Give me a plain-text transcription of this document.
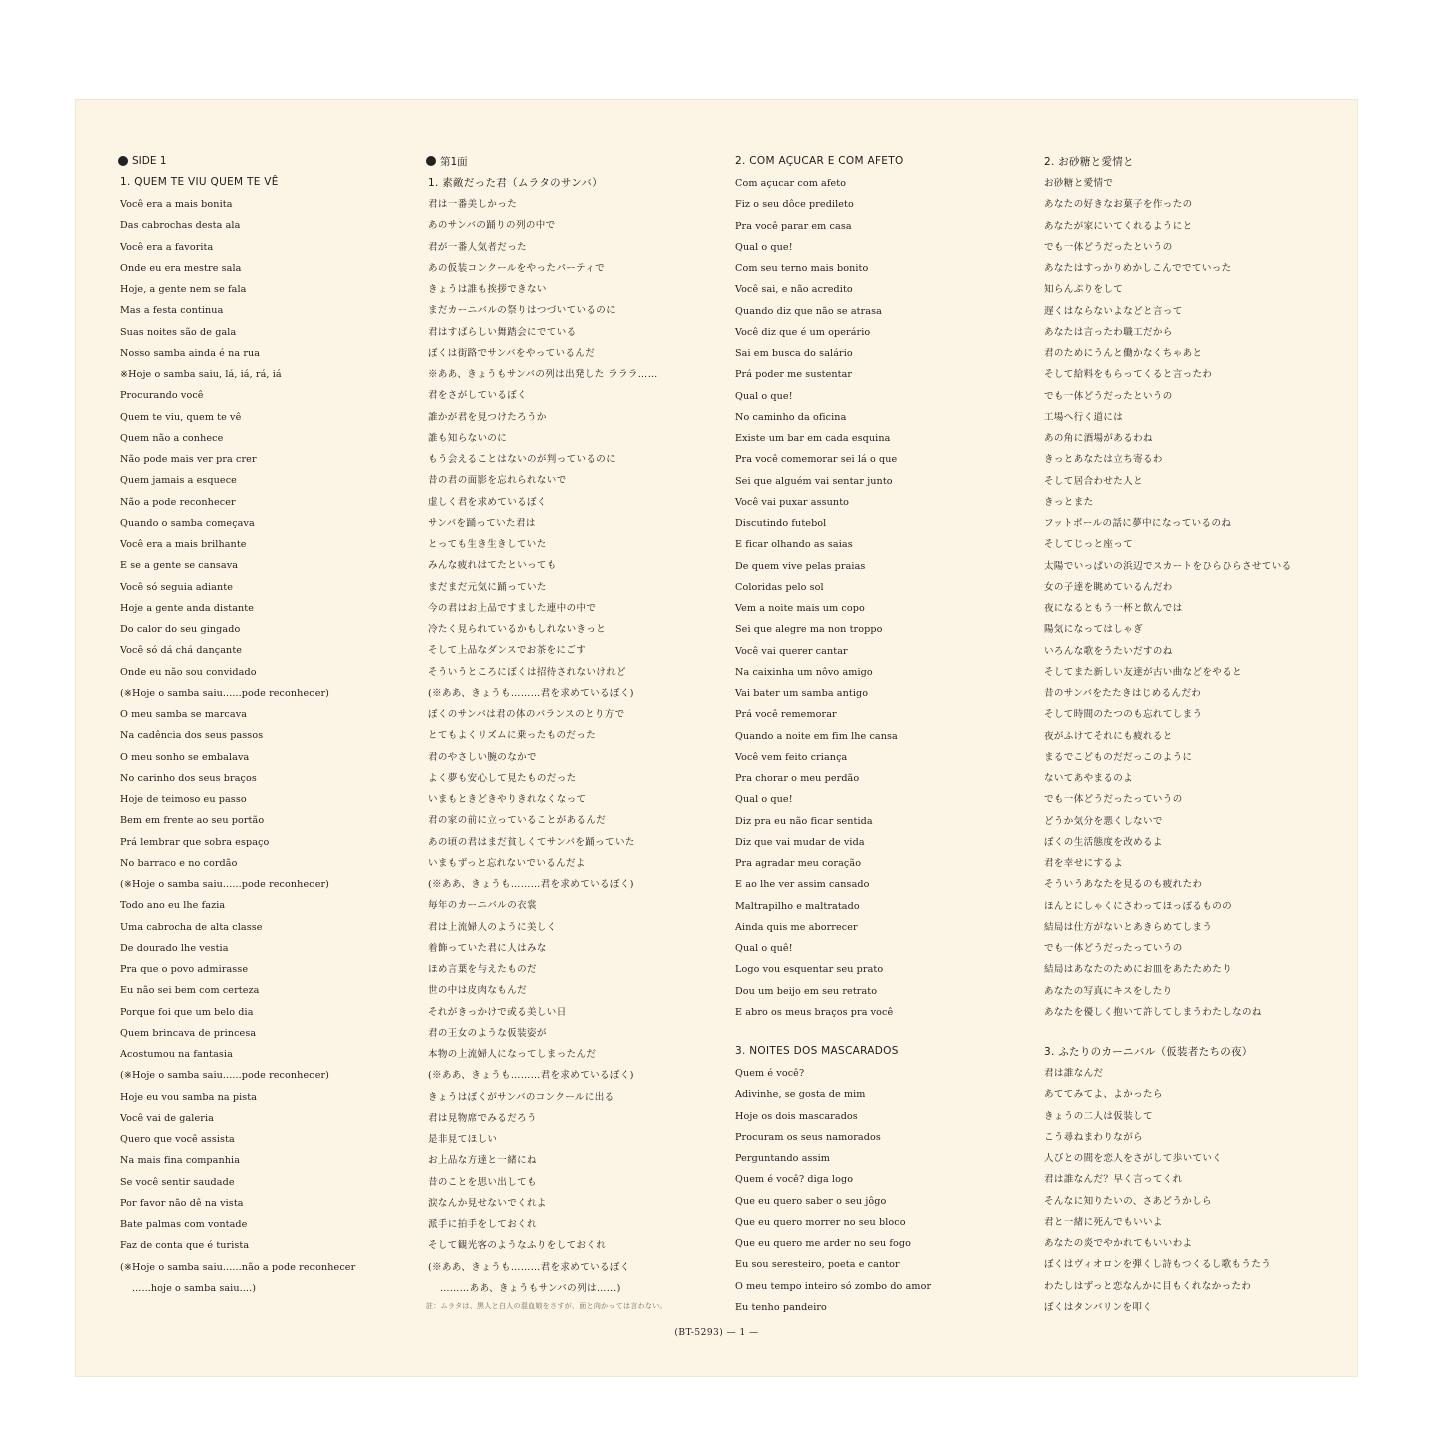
SIDE 1
1. QUEM TE VIU QUEM TE VÊ
Você era a mais bonita
Das cabrochas desta ala
Você era a favorita
Onde eu era mestre sala
Hoje, a gente nem se fala
Mas a festa continua
Suas noites são de gala
Nosso samba ainda é na rua
※Hoje o samba saiu, lá, iá, rá, iá
Procurando você
Quem te viu, quem te vê
Quem não a conhece
Não pode mais ver pra crer
Quem jamais a esquece
Não a pode reconhecer
Quando o samba começava
Você era a mais brilhante
E se a gente se cansava
Você só seguia adiante
Hoje a gente anda distante
Do calor do seu gingado
Você só dá chá dançante
Onde eu não sou convidado
(※Hoje o samba saiu......pode reconhecer)
O meu samba se marcava
Na cadência dos seus passos
O meu sonho se embalava
No carinho dos seus braços
Hoje de teimoso eu passo
Bem em frente ao seu portão
Prá lembrar que sobra espaço
No barraco e no cordão
(※Hoje o samba saiu......pode reconhecer)
Todo ano eu lhe fazia
Uma cabrocha de alta classe
De dourado lhe vestia
Pra que o povo admirasse
Eu não sei bem com certeza
Porque foi que um belo dia
Quem brincava de princesa
Acostumou na fantasia
(※Hoje o samba saiu......pode reconhecer)
Hoje eu vou samba na pista
Você vai de galeria
Quero que você assista
Na mais fina companhia
Se você sentir saudade
Por favor não dê na vista
Bate palmas com vontade
Faz de conta que é turista
(※Hoje o samba saiu......não a pode reconhecer
......hoje o samba saiu....)
第1面
1. 素敵だった君（ムラタのサンバ）
君は一番美しかった
あのサンバの踊りの列の中で
君が一番人気者だった
あの仮装コンクールをやったパーティで
きょうは誰も挨拶できない
まだカーニバルの祭りはつづいているのに
君はすばらしい舞踏会にでている
ぼくは街路でサンバをやっているんだ
※ああ、きょうもサンバの列は出発した ラララ……
君をさがしているぼく
誰かが君を見つけたろうか
誰も知らないのに
もう会えることはないのが判っているのに
昔の君の面影を忘れられないで
虚しく君を求めているぼく
サンバを踊っていた君は
とっても生き生きしていた
みんな疲れはてたといっても
まだまだ元気に踊っていた
今の君はお上品ですました連中の中で
冷たく見られているかもしれないきっと
そして上品なダンスでお茶をにごす
そういうところにぼくは招待されないけれど
(※ああ、きょうも………君を求めているぼく)
ぼくのサンバは君の体のバランスのとり方で
とてもよくリズムに乗ったものだった
君のやさしい腕のなかで
よく夢も安心して見たものだった
いまもときどきやりきれなくなって
君の家の前に立っていることがあるんだ
あの頃の君はまだ貧しくてサンバを踊っていた
いまもずっと忘れないでいるんだよ
(※ああ、きょうも………君を求めているぼく)
毎年のカーニバルの衣裳
君は上流婦人のように美しく
着飾っていた君に人はみな
ほめ言葉を与えたものだ
世の中は皮肉なもんだ
それがきっかけで或る美しい日
君の王女のような仮装姿が
本物の上流婦人になってしまったんだ
(※ああ、きょうも………君を求めているぼく)
きょうはぼくがサンバのコンクールに出る
君は見物席でみるだろう
是非見てほしい
お上品な方達と一緒にね
昔のことを思い出しても
涙なんか見せないでくれよ
派手に拍手をしておくれ
そして観光客のようなふりをしておくれ
(※ああ、きょうも………君を求めているぼく
………ああ、きょうもサンバの列は……)
註：ムラタは、黒人と白人の混血娘をさすが、面と向かっては言わない。
2. COM AÇUCAR E COM AFETO
Com açucar com afeto
Fiz o seu dôce predileto
Pra você parar em casa
Qual o que!
Com seu terno mais bonito
Você sai, e não acredito
Quando diz que não se atrasa
Você diz que é um operário
Sai em busca do salário
Prá poder me sustentar
Qual o que!
No caminho da oficina
Existe um bar em cada esquina
Pra você comemorar sei lá o que
Sei que alguém vai sentar junto
Você vai puxar assunto
Discutindo futebol
E ficar olhando as saias
De quem vive pelas praias
Coloridas pelo sol
Vem a noite mais um copo
Sei que alegre ma non troppo
Você vai querer cantar
Na caixinha um nôvo amigo
Vai bater um samba antigo
Prá você rememorar
Quando a noite em fim lhe cansa
Você vem feito criança
Pra chorar o meu perdão
Qual o que!
Diz pra eu não ficar sentida
Diz que vai mudar de vida
Pra agradar meu coração
E ao lhe ver assim cansado
Maltrapilho e maltratado
Ainda quis me aborrecer
Qual o quê!
Logo vou esquentar seu prato
Dou um beijo em seu retrato
E abro os meus braços pra você
3. NOITES DOS MASCARADOS
Quem é você?
Adivinhe, se gosta de mim
Hoje os dois mascarados
Procuram os seus namorados
Perguntando assim
Quem é você? diga logo
Que eu quero saber o seu jôgo
Que eu quero morrer no seu bloco
Que eu quero me arder no seu fogo
Eu sou seresteiro, poeta e cantor
O meu tempo inteiro só zombo do amor
Eu tenho pandeiro
2. お砂糖と愛情と
お砂糖と愛情で
あなたの好きなお菓子を作ったの
あなたが家にいてくれるようにと
でも一体どうだったというの
あなたはすっかりめかしこんででていった
知らんぷりをして
遅くはならないよなどと言って
あなたは言ったわ職工だから
君のためにうんと働かなくちゃあと
そして給料をもらってくると言ったわ
でも一体どうだったというの
工場へ行く道には
あの角に酒場があるわね
きっとあなたは立ち寄るわ
そして居合わせた人と
きっとまた
フットボールの話に夢中になっているのね
そしてじっと座って
太陽でいっぱいの浜辺でスカートをひらひらさせている
女の子達を眺めているんだわ
夜になるともう一杯と飲んでは
陽気になってはしゃぎ
いろんな歌をうたいだすのね
そしてまた新しい友達が古い曲などをやると
昔のサンバをたたきはじめるんだわ
そして時間のたつのも忘れてしまう
夜がふけてそれにも疲れると
まるでこどものだだっこのように
ないてあやまるのよ
でも一体どうだったっていうの
どうか気分を悪くしないで
ぼくの生活態度を改めるよ
君を幸せにするよ
そういうあなたを見るのも疲れたわ
ほんとにしゃくにさわってほっぽるものの
結局は仕方がないとあきらめてしまう
でも一体どうだったっていうの
結局はあなたのためにお皿をあたためたり
あなたの写真にキスをしたり
あなたを優しく抱いて許してしまうわたしなのね
3. ふたりのカーニバル（仮装者たちの夜）
君は誰なんだ
あててみてよ、よかったら
きょうの二人は仮装して
こう尋ねまわりながら
人びとの間を恋人をさがして歩いていく
君は誰なんだ？早く言ってくれ
そんなに知りたいの、さあどうかしら
君と一緒に死んでもいいよ
あなたの炎でやかれてもいいわよ
ぼくはヴィオロンを弾くし詩もつくるし歌もうたう
わたしはずっと恋なんかに目もくれなかったわ
ぼくはタンバリンを叩く
(BT-5293) — 1 —
